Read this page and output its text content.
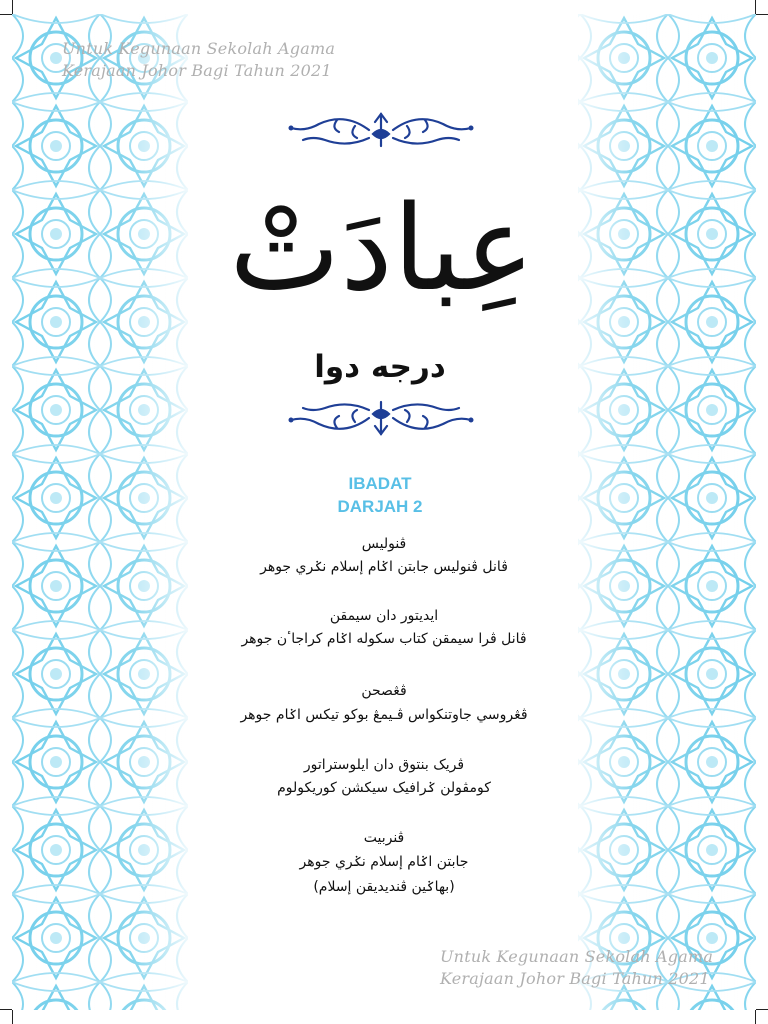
Untuk Kegunaan Sekolah Agama
Kerajaan Johor Bagi Tahun 2021
Untuk Kegunaan Sekolah Agama
Kerajaan Johor Bagi Tahun 2021
عِبادَتْ
درجه دوا
IBADAT
DARJAH 2
ڤنوليس
ڤانل ڤنوليس جابتن اݢام إسلام نݢري جوهر
ايديتور دان سيمقن
ڤانل ڤرا سيمقن كتاب سكوله اݢام كراجاٴن جوهر
ڤڠصحن
ڤڠروسي جاوتنكواس ڤـيمڠ بوكو تيكس اݢام جوهر
ڤريک بنتوق دان ايلوستراتور
كومڤولن ݢرافيک سيكشن كوريكولوم
ڤنربيت
جابتن اݢام إسلام نݢري جوهر
(بهاݢين ڤنديديقن إسلام)
